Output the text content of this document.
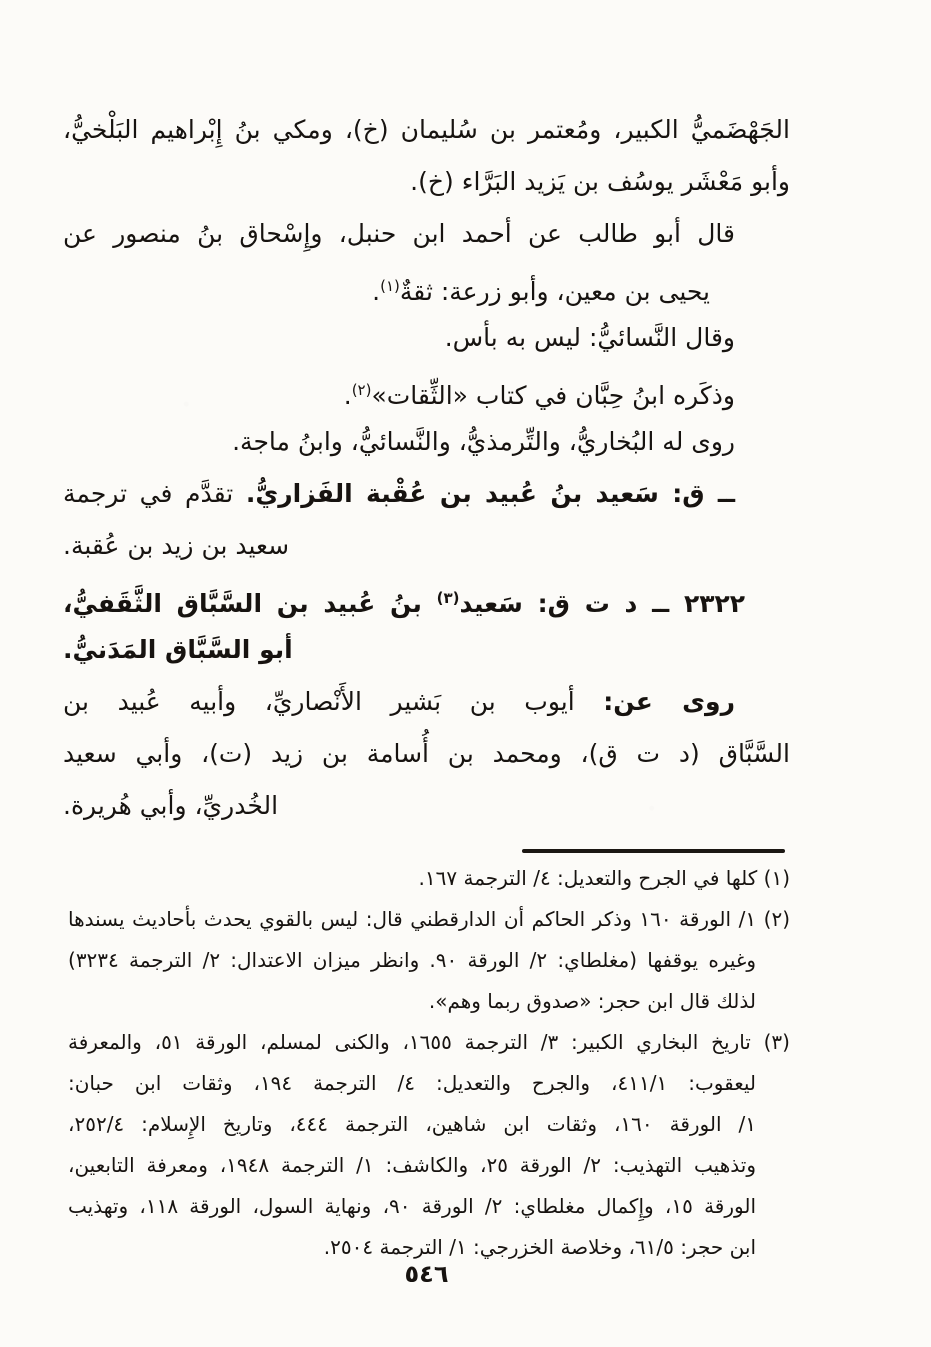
الجَهْضَميُّ الكبير، ومُعتمر بن سُليمان (خ)، ومكي بنُ إِبْراهيم البَلْخيُّ،
وأبو مَعْشَر يوسُف بن يَزيد البَرَّاء (خ).
قال أبو طالب عن أحمد ابن حنبل، وإِسْحاق بنُ منصور عن
يحيى بن معين، وأبو زرعة: ثقةٌ$^{(١)}$.
وقال النَّسائيُّ: ليس به بأس.
وذكَره ابنُ حِبَّان في كتاب «الثِّقات»$^{(٢)}$.
روى له البُخاريُّ، والتِّرمذيُّ، والنَّسائيُّ، وابنُ ماجة.
ــ ق: سَعيد بنُ عُبيد بن عُقْبة الفَزاريُّ. تقدَّم في ترجمة
سعيد بن زيد بن عُقبة.
٢٣٢٢ ــ د ت ق: سَعيد$^{(٣)}$ بنُ عُبيد بن السَّبَّاق الثَّقَفيُّ،
أبو السَّبَّاق المَدَنيُّ.
روى عن: أيوب بن بَشير الأَنْصاريِّ، وأبيه عُبيد بن
السَّبَّاق (د ت ق)، ومحمد بن أُسامة بن زيد (ت)، وأبي سعيد
الخُدريِّ، وأبي هُريرة.
(١) كلها في الجرح والتعديل: ٤/ الترجمة ١٦٧.
(٢) ١/ الورقة ١٦٠ وذكر الحاكم أن الدارقطني قال: ليس بالقوي يحدث بأحاديث يسندها
وغيره يوقفها (مغلطاي: ٢/ الورقة ٩٠. وانظر ميزان الاعتدال: ٢/ الترجمة ٣٢٣٤)
لذلك قال ابن حجر: «صدوق ربما وهم».
(٣) تاريخ البخاري الكبير: ٣/ الترجمة ١٦٥٥، والكنى لمسلم، الورقة ٥١، والمعرفة
ليعقوب: ٤١١/١، والجرح والتعديل: ٤/ الترجمة ١٩٤، وثقات ابن حبان:
١/ الورقة ١٦٠، وثقات ابن شاهين، الترجمة ٤٤٤، وتاريخ الإِسلام: ٢٥٢/٤،
وتذهيب التهذيب: ٢/ الورقة ٢٥، والكاشف: ١/ الترجمة ١٩٤٨، ومعرفة التابعين،
الورقة ١٥، وإِكمال مغلطاي: ٢/ الورقة ٩٠، ونهاية السول، الورقة ١١٨، وتهذيب
ابن حجر: ٦١/٥، وخلاصة الخزرجي: ١/ الترجمة ٢٥٠٤.
٥٤٦
